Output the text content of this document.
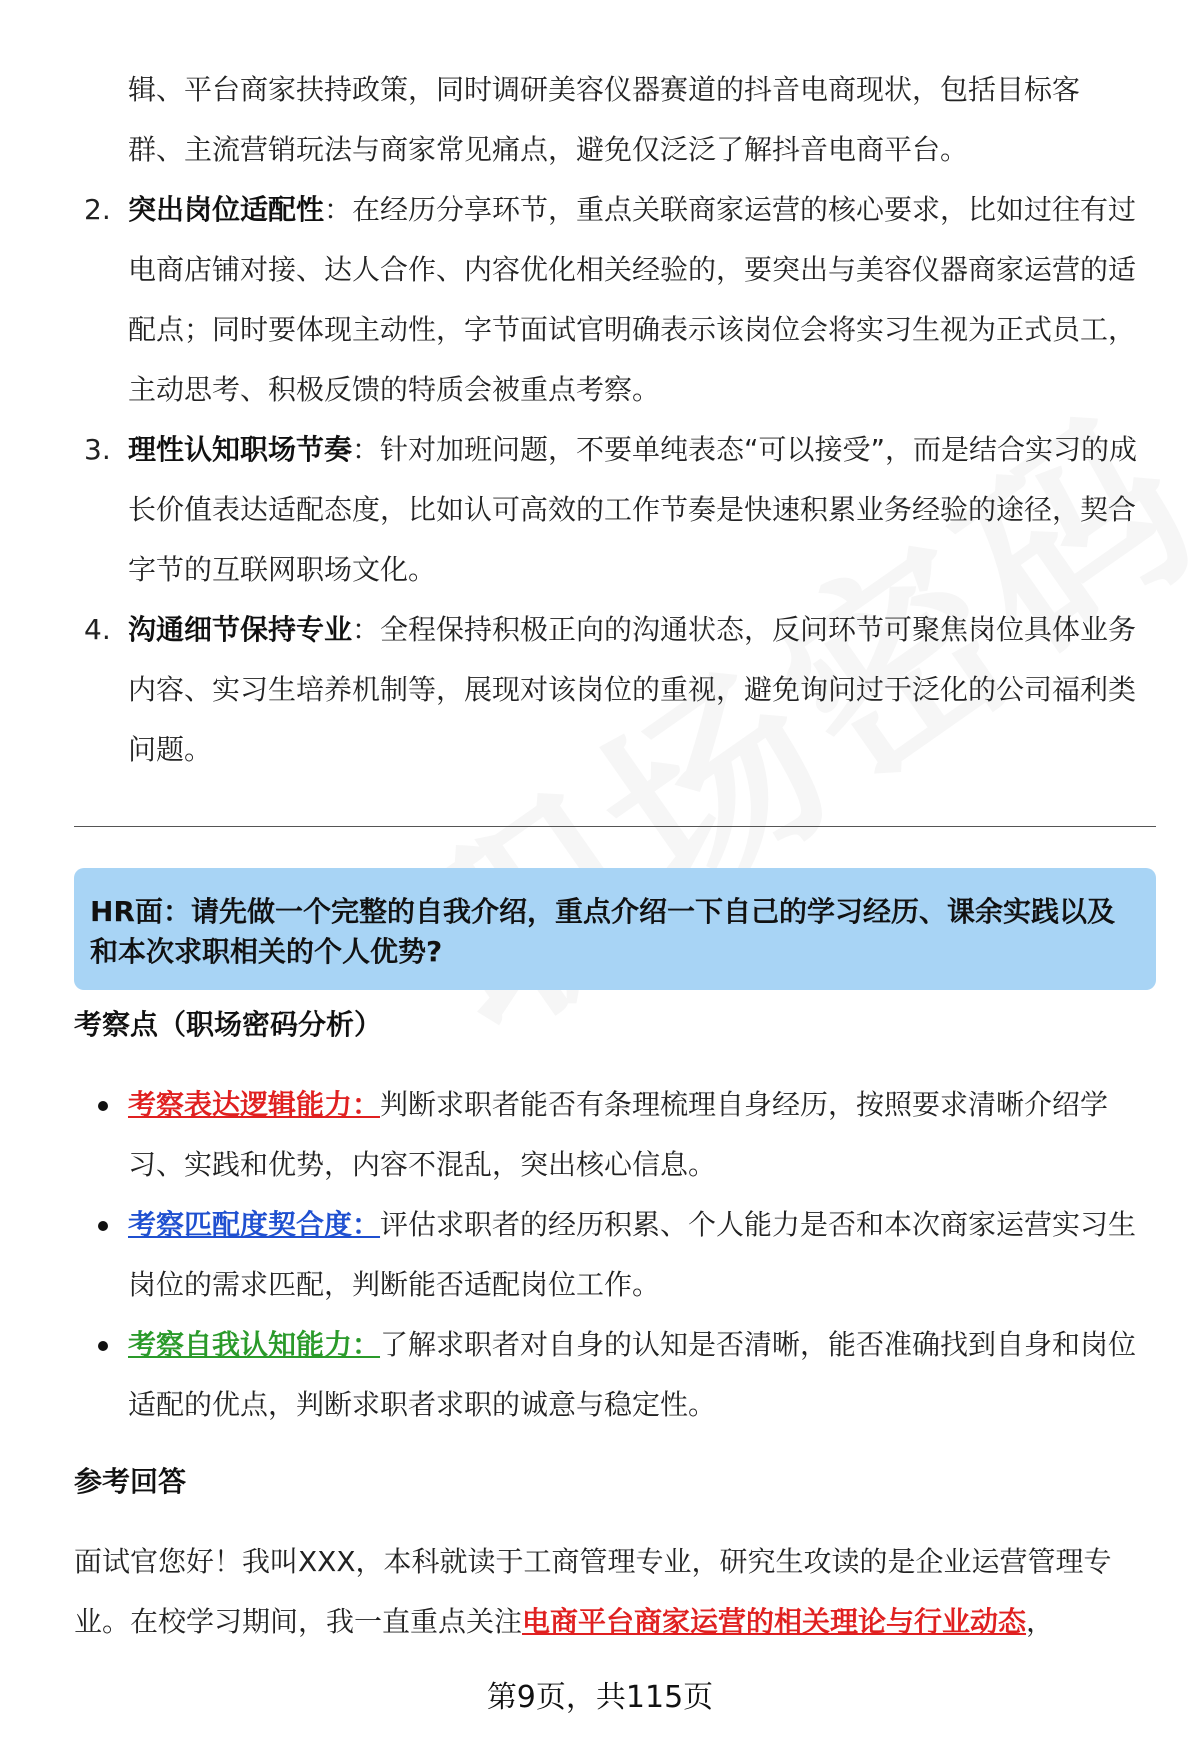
辑、平台商家扶持政策，同时调研美容仪器赛道的抖音电商现状，包括目标客
群、主流营销玩法与商家常见痛点，避免仅泛泛了解抖音电商平台。
2. 突出岗位适配性：在经历分享环节，重点关联商家运营的核心要求，比如过往有过电商店铺对接、达人合作、内容优化相关经验的，要突出与美容仪器商家运营的适配点；同时要体现主动性，字节面试官明确表示该岗位会将实习生视为正式员工，主动思考、积极反馈的特质会被重点考察。
3. 理性认知职场节奏：针对加班问题，不要单纯表态“可以接受”，而是结合实习的成长价值表达适配态度，比如认可高效的工作节奏是快速积累业务经验的途径，契合字节的互联网职场文化。
4. 沟通细节保持专业：全程保持积极正向的沟通状态，反问环节可聚焦岗位具体业务内容、实习生培养机制等，展现对该岗位的重视，避免询问过于泛化的公司福利类问题。
HR面：请先做一个完整的自我介绍，重点介绍一下自己的学习经历、课余实践以及和本次求职相关的个人优势?
考察点（职场密码分析）
考察表达逻辑能力：判断求职者能否有条理梳理自身经历，按照要求清晰介绍学习、实践和优势，内容不混乱，突出核心信息。
考察匹配度契合度：评估求职者的经历积累、个人能力是否和本次商家运营实习生岗位的需求匹配，判断能否适配岗位工作。
考察自我认知能力：了解求职者对自身的认知是否清晰，能否准确找到自身和岗位适配的优点，判断求职者求职的诚意与稳定性。
参考回答
面试官您好！我叫XXX，本科就读于工商管理专业，研究生攻读的是企业运营管理专业。在校学习期间，我一直重点关注电商平台商家运营的相关理论与行业动态，
第9页，共115页
